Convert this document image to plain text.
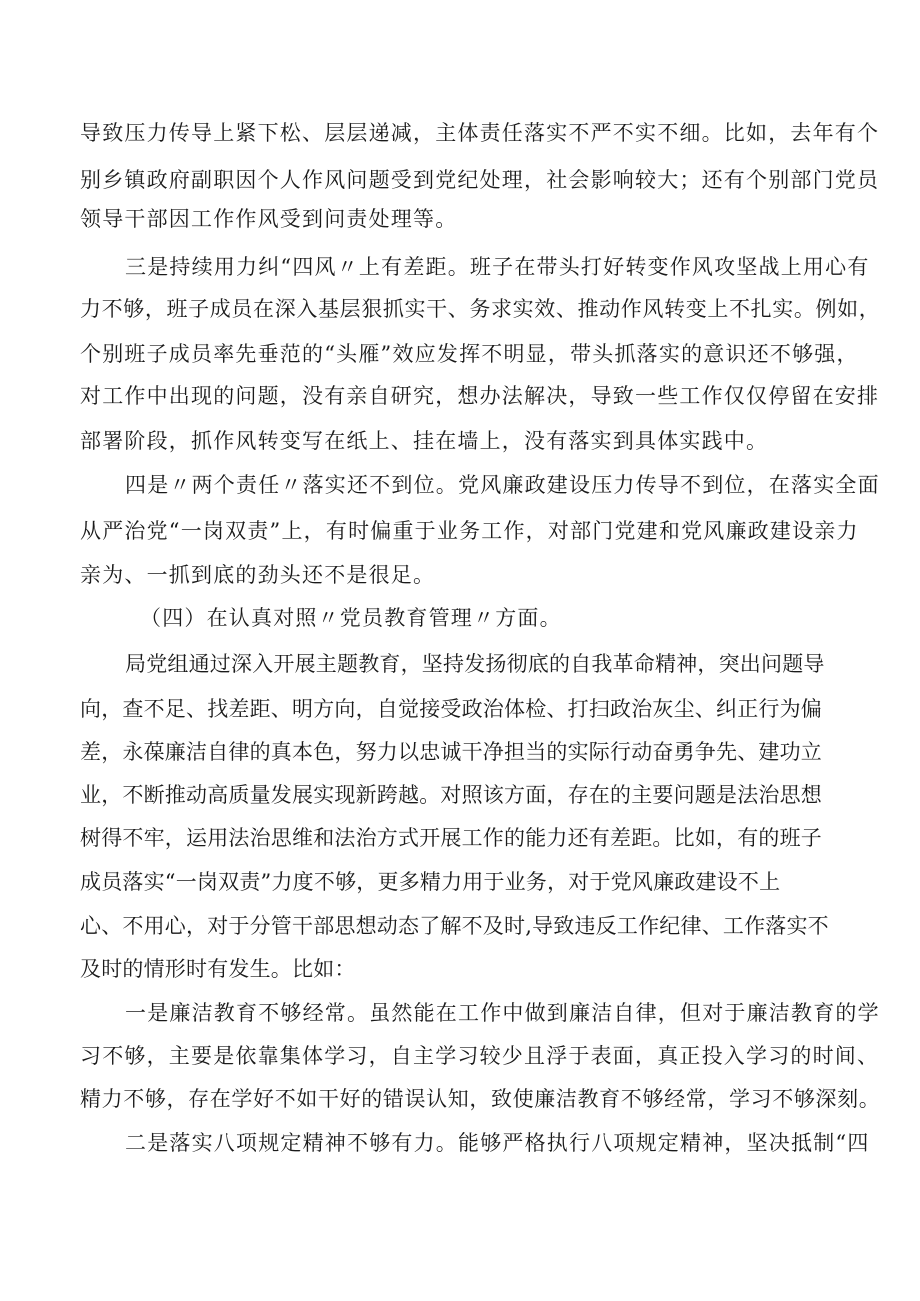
导致压力传导上紧下松、层层递减，主体责任落实不严不实不细。比如，去年有个
别乡镇政府副职因个人作风问题受到党纪处理，社会影响较大；还有个别部门党员
领导干部因工作作风受到问责处理等。
三是持续用力纠“四风〃上有差距。班子在带头打好转变作风攻坚战上用心有
力不够，班子成员在深入基层狠抓实干、务求实效、推动作风转变上不扎实。例如，
个别班子成员率先垂范的“头雁”效应发挥不明显，带头抓落实的意识还不够强，
对工作中出现的问题，没有亲自研究，想办法解决，导致一些工作仅仅停留在安排
部署阶段，抓作风转变写在纸上、挂在墙上，没有落实到具体实践中。
四是〃两个责任〃落实还不到位。党风廉政建设压力传导不到位，在落实全面
从严治党“一岗双责”上，有时偏重于业务工作，对部门党建和党风廉政建设亲力
亲为、一抓到底的劲头还不是很足。
（四）在认真对照〃党员教育管理〃方面。
局党组通过深入开展主题教育，坚持发扬彻底的自我革命精神，突出问题导
向，查不足、找差距、明方向，自觉接受政治体检、打扫政治灰尘、纠正行为偏
差，永葆廉洁自律的真本色，努力以忠诚干净担当的实际行动奋勇争先、建功立
业，不断推动高质量发展实现新跨越。对照该方面，存在的主要问题是法治思想
树得不牢，运用法治思维和法治方式开展工作的能力还有差距。比如，有的班子
成员落实“一岗双责”力度不够，更多精力用于业务，对于党风廉政建设不上
心、不用心，对于分管干部思想动态了解不及时,导致违反工作纪律、工作落实不
及时的情形时有发生。比如：
一是廉洁教育不够经常。虽然能在工作中做到廉洁自律，但对于廉洁教育的学
习不够，主要是依靠集体学习，自主学习较少且浮于表面，真正投入学习的时间、
精力不够，存在学好不如干好的错误认知，致使廉洁教育不够经常，学习不够深刻。
二是落实八项规定精神不够有力。能够严格执行八项规定精神，坚决抵制“四
